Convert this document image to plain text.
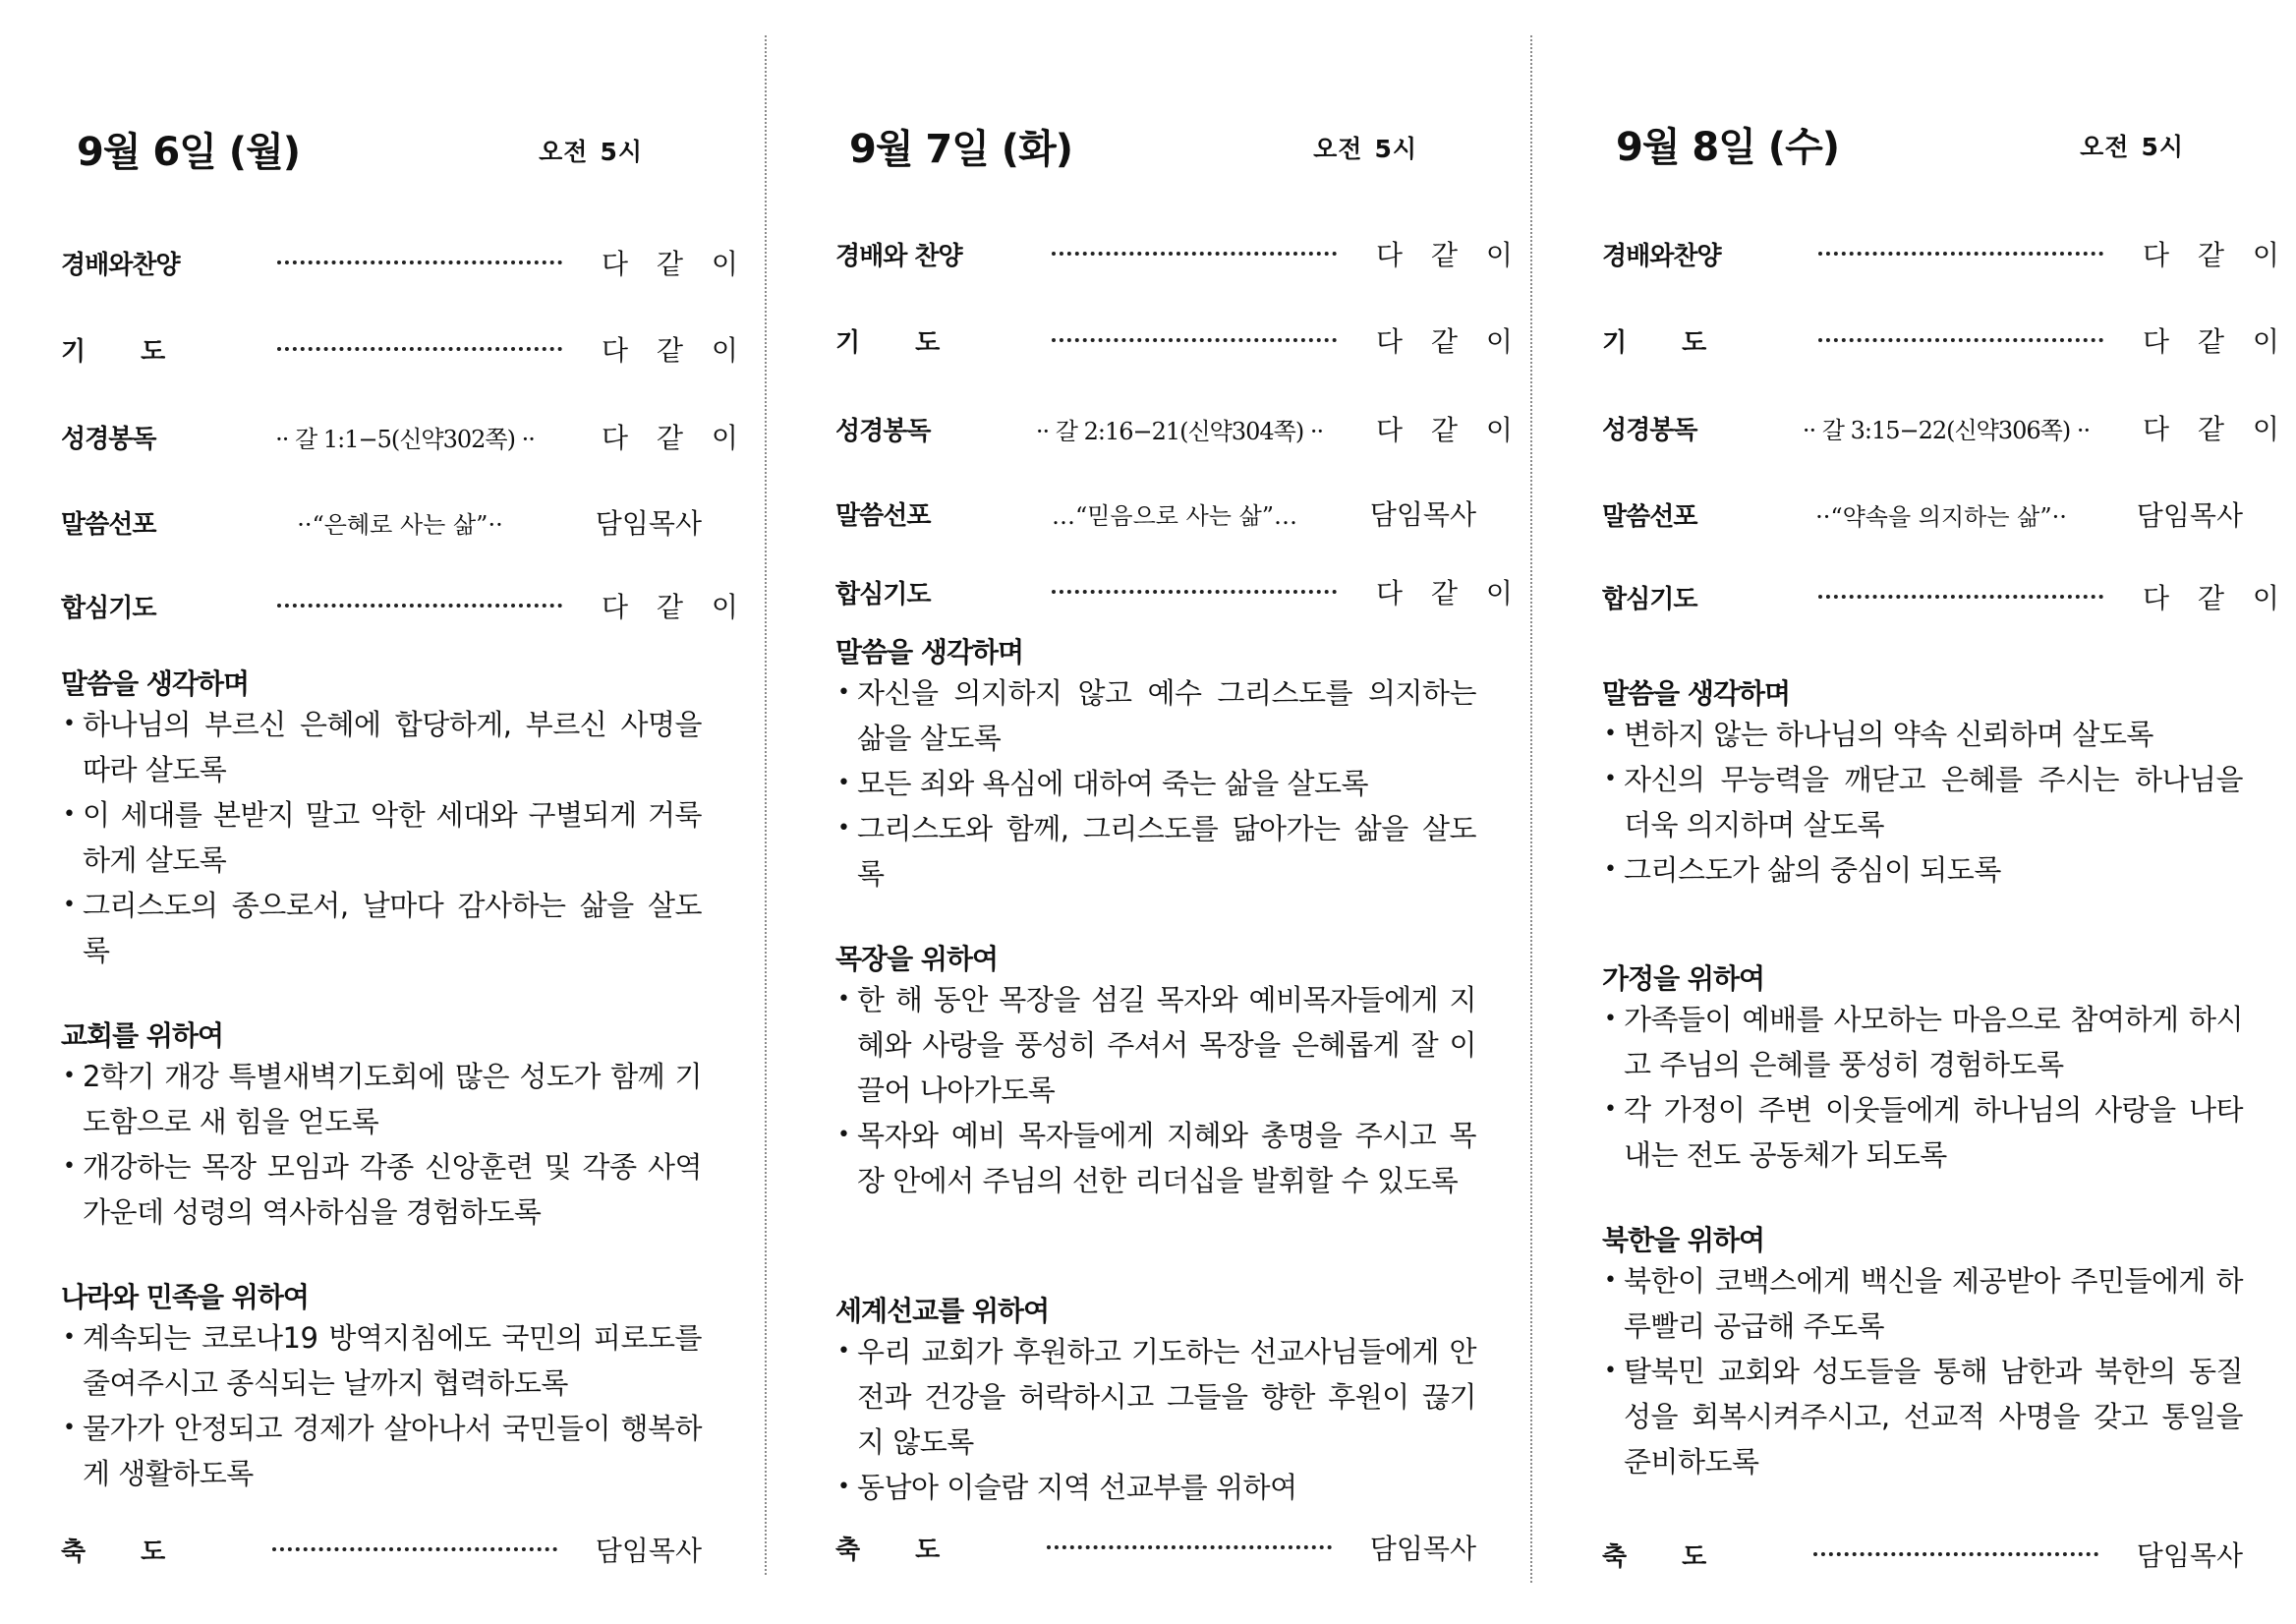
9월 6일 (월)	오전 5시
경배와찬양	다 같 이
기도	다 같 이
성경봉독	·· 갈 1:1−5(신약302쪽) ·· 다 같 이
말씀선포	··“은혜로 사는 삶”··	담임목사
합심기도	다 같 이
말씀을 생각하며
• 하나님의 부르신 은혜에 합당하게, 부르신 사명을 따라 살도록
• 이 세대를 본받지 말고 악한 세대와 구별되게 거룩하게 살도록
• 그리스도의 종으로서, 날마다 감사하는 삶을 살도록
교회를 위하여
• 2학기 개강 특별새벽기도회에 많은 성도가 함께 기도함으로 새 힘을 얻도록
• 개강하는 목장 모임과 각종 신앙훈련 및 각종 사역 가운데 성령의 역사하심을 경험하도록
나라와 민족을 위하여
• 계속되는 코로나19 방역지침에도 국민의 피로도를 줄여주시고 종식되는 날까지 협력하도록
• 물가가 안정되고 경제가 살아나서 국민들이 행복하게 생활하도록
축도	담임목사
9월 7일 (화)	오전 5시
경배와 찬양	다 같 이
기도	다 같 이
성경봉독	·· 갈 2:16−21(신약304쪽) ·· 다 같 이
말씀선포	…“믿음으로 사는 삶”…	담임목사
합심기도	다 같 이
말씀을 생각하며
• 자신을 의지하지 않고 예수 그리스도를 의지하는 삶을 살도록
• 모든 죄와 욕심에 대하여 죽는 삶을 살도록
• 그리스도와 함께, 그리스도를 닮아가는 삶을 살도록
목장을 위하여
• 한 해 동안 목장을 섬길 목자와 예비목자들에게 지혜와 사랑을 풍성히 주셔서 목장을 은혜롭게 잘 이끌어 나아가도록
• 목자와 예비 목자들에게 지혜와 총명을 주시고 목장 안에서 주님의 선한 리더십을 발휘할 수 있도록
세계선교를 위하여
• 우리 교회가 후원하고 기도하는 선교사님들에게 안전과 건강을 허락하시고 그들을 향한 후원이 끊기지 않도록
• 동남아 이슬람 지역 선교부를 위하여
축도	담임목사
9월 8일 (수)	오전 5시
경배와찬양	다 같 이
기도	다 같 이
성경봉독	·· 갈 3:15−22(신약306쪽) ·· 다 같 이
말씀선포	··“약속을 의지하는 삶”··	담임목사
합심기도	다 같 이
말씀을 생각하며
• 변하지 않는 하나님의 약속 신뢰하며 살도록
• 자신의 무능력을 깨닫고 은혜를 주시는 하나님을 더욱 의지하며 살도록
• 그리스도가 삶의 중심이 되도록
가정을 위하여
• 가족들이 예배를 사모하는 마음으로 참여하게 하시고 주님의 은혜를 풍성히 경험하도록
• 각 가정이 주변 이웃들에게 하나님의 사랑을 나타내는 전도 공동체가 되도록
북한을 위하여
• 북한이 코백스에게 백신을 제공받아 주민들에게 하루빨리 공급해 주도록
• 탈북민 교회와 성도들을 통해 남한과 북한의 동질성을 회복시켜주시고, 선교적 사명을 갖고 통일을 준비하도록
축도	담임목사
